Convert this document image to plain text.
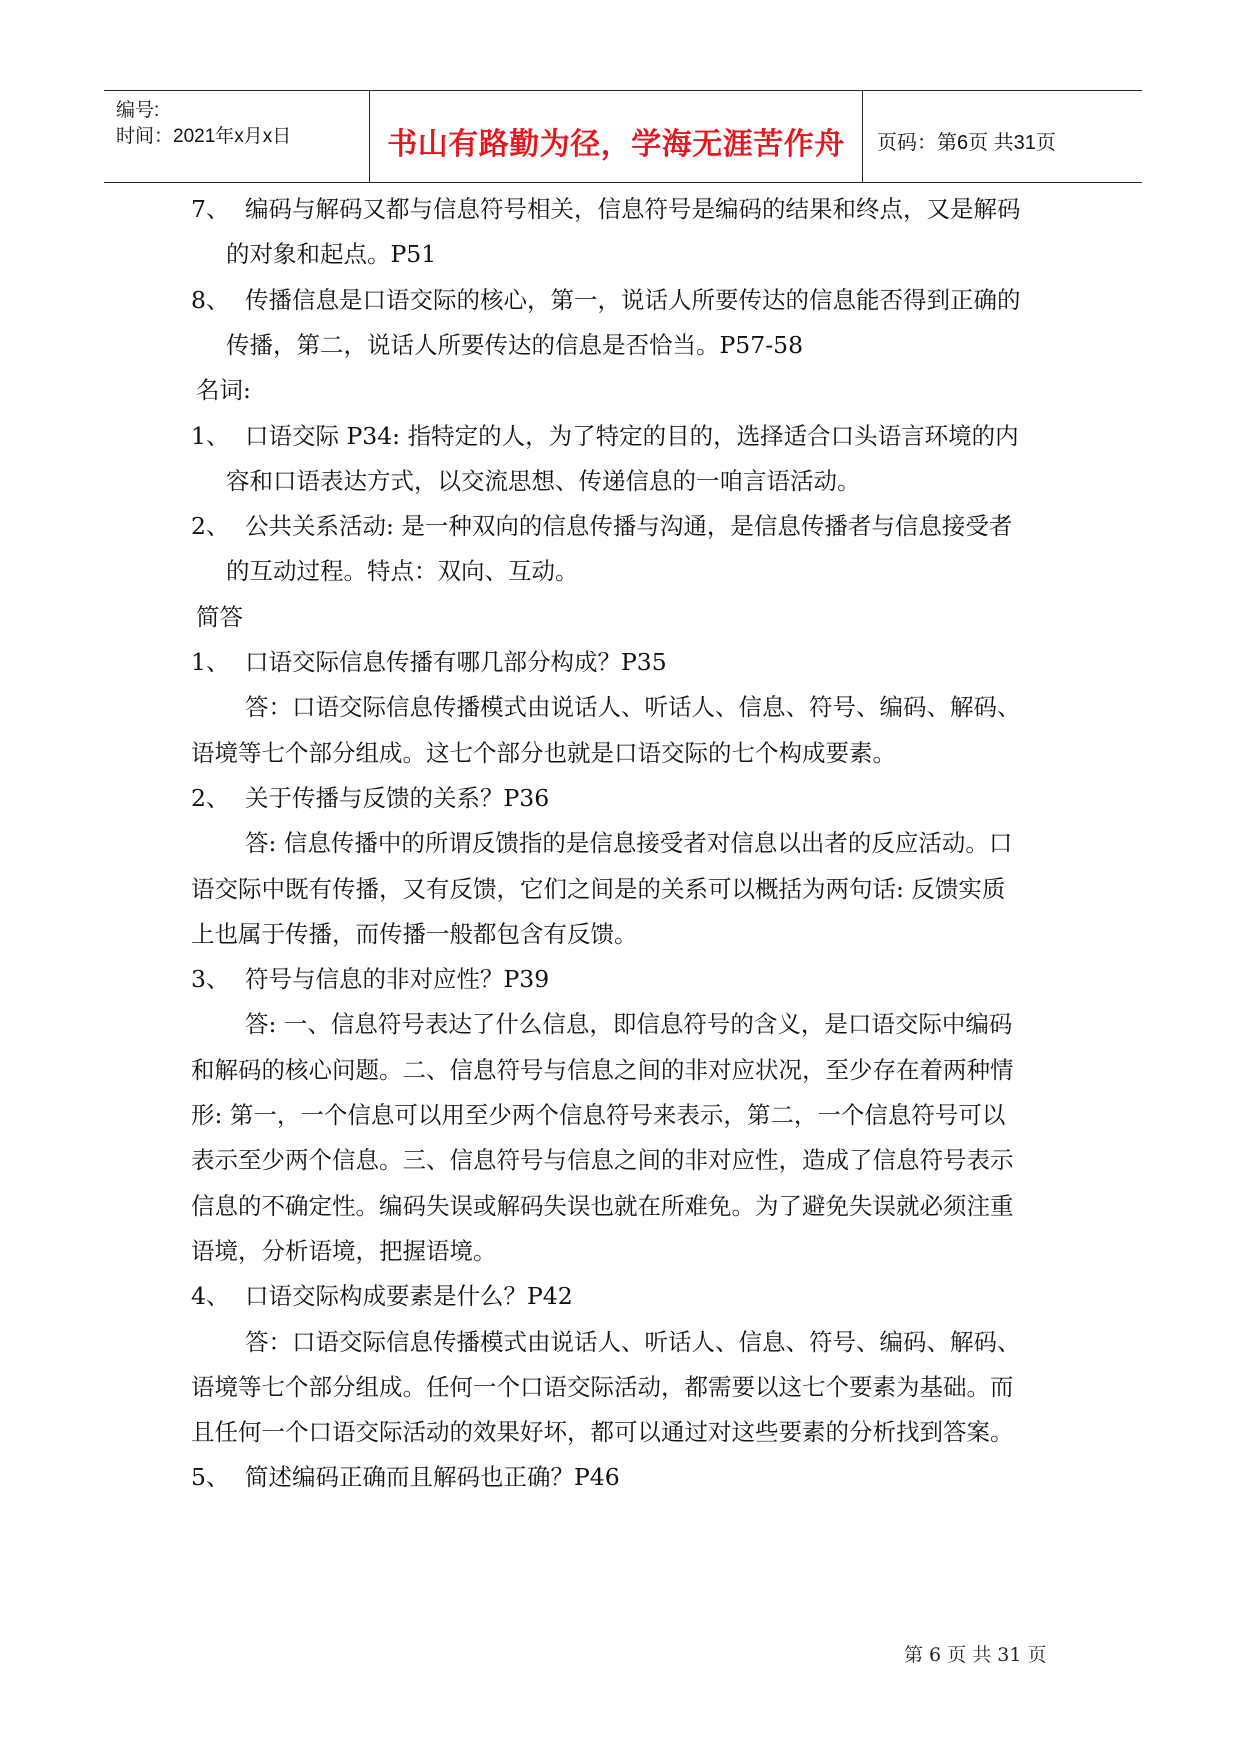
编号:
时间：2021年x月x日	书山有路勤为径，学海无涯苦作舟	页码：第6页 共31页
7、 编码与解码又都与信息符号相关，信息符号是编码的结果和终点，又是解码
的对象和起点。P51
8、 传播信息是口语交际的核心，第一，说话人所要传达的信息能否得到正确的
传播，第二，说话人所要传达的信息是否恰当。P57-58
名词:
1、 口语交际 P34: 指特定的人，为了特定的目的，选择适合口头语言环境的内
容和口语表达方式，以交流思想、传递信息的一咱言语活动。
2、 公共关系活动: 是一种双向的信息传播与沟通，是信息传播者与信息接受者
的互动过程。特点：双向、互动。
简答
1、 口语交际信息传播有哪几部分构成？P35
答：口语交际信息传播模式由说话人、听话人、信息、符号、编码、解码、
语境等七个部分组成。这七个部分也就是口语交际的七个构成要素。
2、 关于传播与反馈的关系？P36
答: 信息传播中的所谓反馈指的是信息接受者对信息以出者的反应活动。口
语交际中既有传播，又有反馈，它们之间是的关系可以概括为两句话: 反馈实质
上也属于传播，而传播一般都包含有反馈。
3、 符号与信息的非对应性？P39
答: 一、信息符号表达了什么信息，即信息符号的含义，是口语交际中编码
和解码的核心问题。二、信息符号与信息之间的非对应状况，至少存在着两种情
形: 第一，一个信息可以用至少两个信息符号来表示，第二，一个信息符号可以
表示至少两个信息。三、信息符号与信息之间的非对应性，造成了信息符号表示
信息的不确定性。编码失误或解码失误也就在所难免。为了避免失误就必须注重
语境，分析语境，把握语境。
4、 口语交际构成要素是什么？P42
答：口语交际信息传播模式由说话人、听话人、信息、符号、编码、解码、
语境等七个部分组成。任何一个口语交际活动，都需要以这七个要素为基础。而
且任何一个口语交际活动的效果好坏，都可以通过对这些要素的分析找到答案。
5、 简述编码正确而且解码也正确？P46
第 6 页 共 31 页
